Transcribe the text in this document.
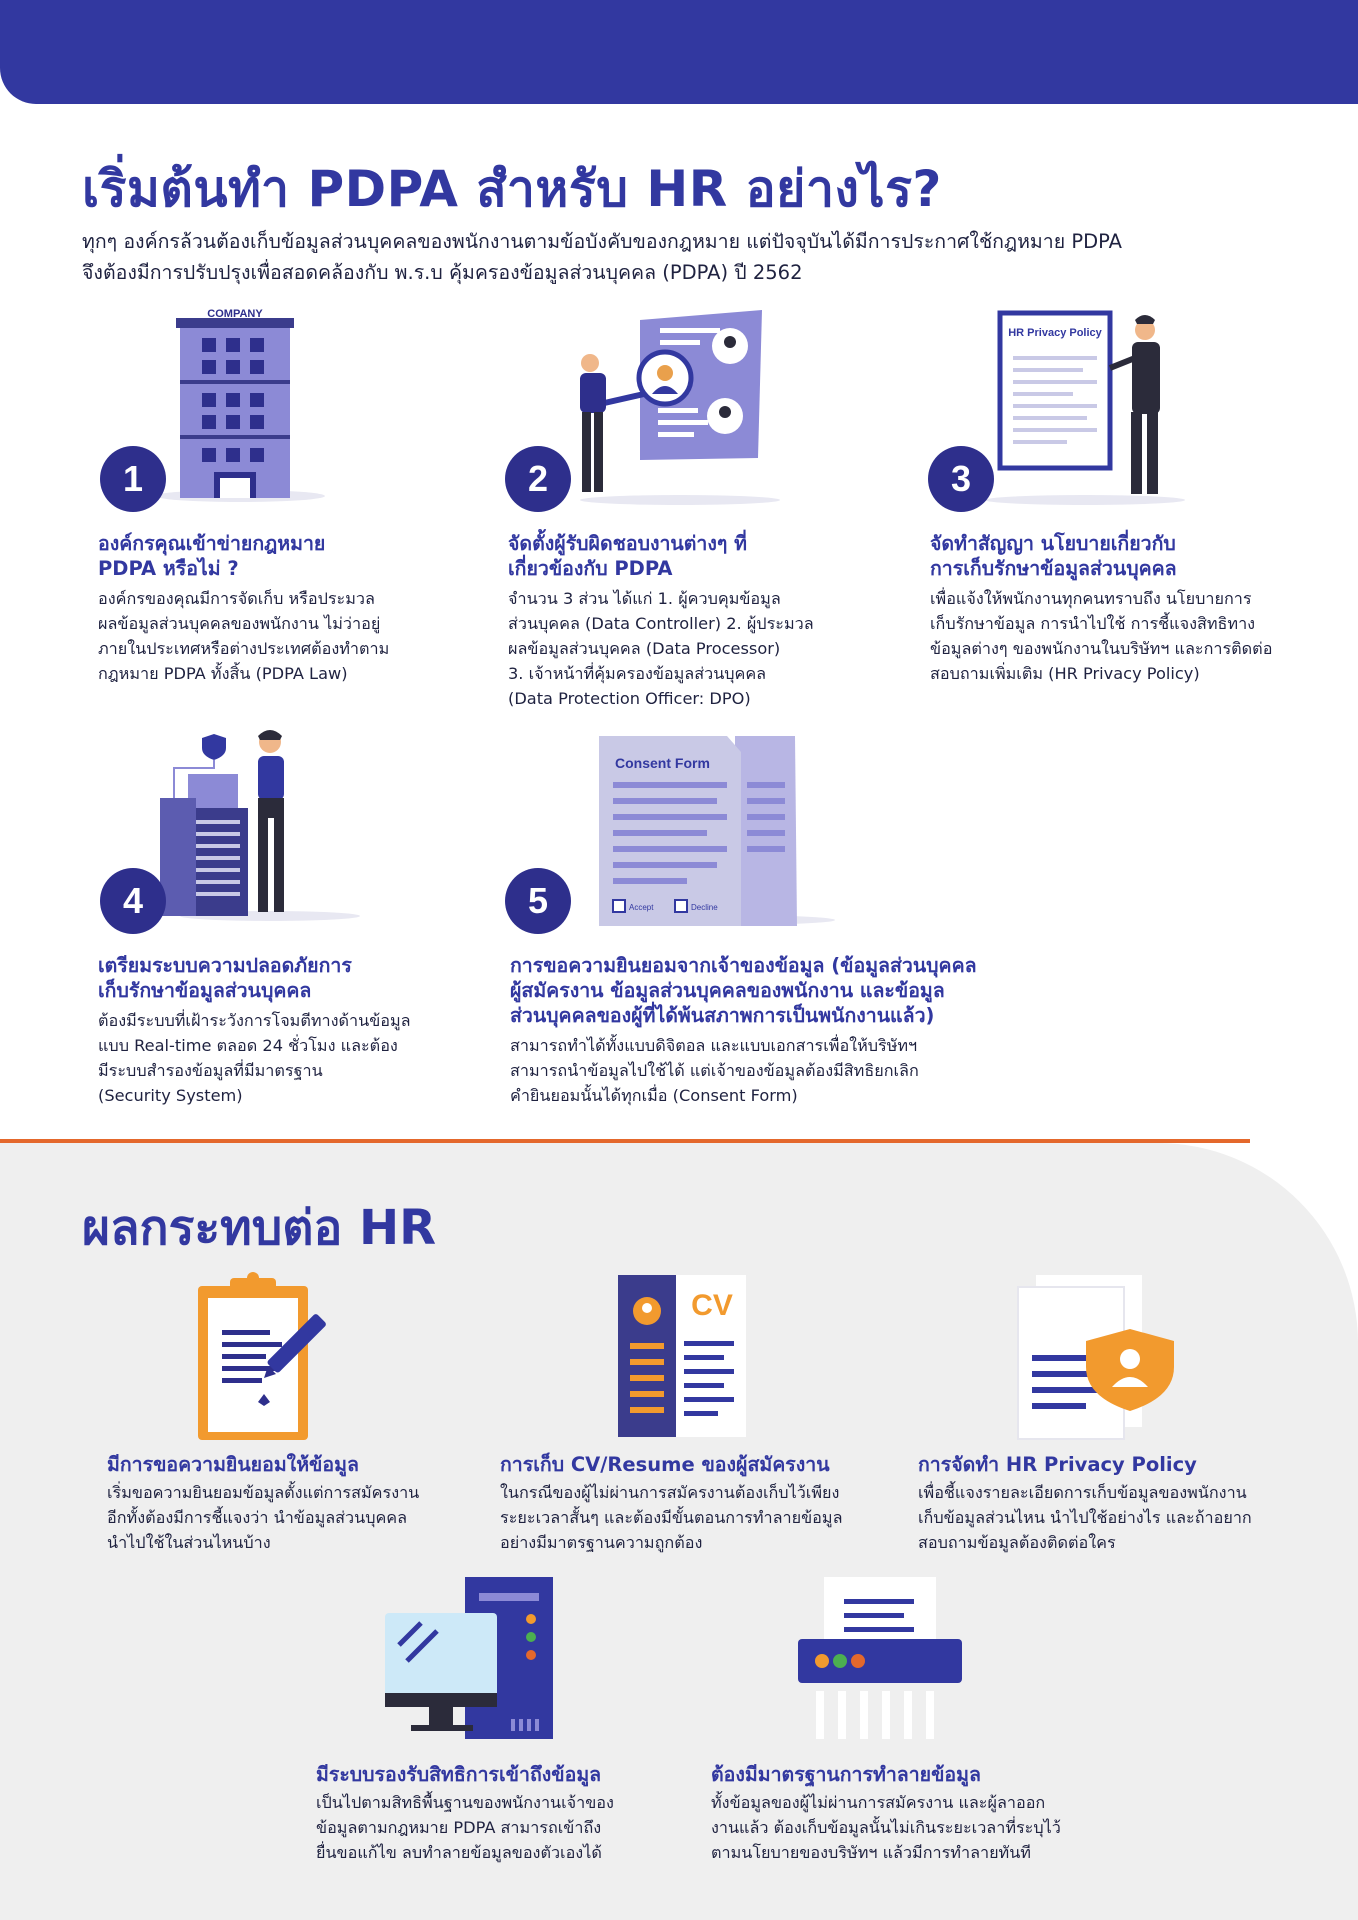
เริ่มต้นทำ PDPA สำหรับ HR อย่างไร?
ทุกๆ องค์กรล้วนต้องเก็บข้อมูลส่วนบุคคลของพนักงานตามข้อบังคับของกฎหมาย แต่ปัจจุบันได้มีการประกาศใช้กฎหมาย PDPA
จึงต้องมีการปรับปรุงเพื่อสอดคล้องกับ พ.ร.บ คุ้มครองข้อมูลส่วนบุคคล (PDPA) ปี 2562
COMPANY
1
องค์กรคุณเข้าข่ายกฎหมาย
PDPA หรือไม่ ?
องค์กรของคุณมีการจัดเก็บ หรือประมวล
ผลข้อมูลส่วนบุคคลของพนักงาน ไม่ว่าอยู่
ภายในประเทศหรือต่างประเทศต้องทำตาม
กฎหมาย PDPA ทั้งสิ้น (PDPA Law)
2
จัดตั้งผู้รับผิดชอบงานต่างๆ ที่
เกี่ยวข้องกับ PDPA
จำนวน 3 ส่วน ได้แก่ 1. ผู้ควบคุมข้อมูล
ส่วนบุคคล (Data Controller) 2. ผู้ประมวล
ผลข้อมูลส่วนบุคคล (Data Processor)
3. เจ้าหน้าที่คุ้มครองข้อมูลส่วนบุคคล
(Data Protection Officer: DPO)
HR Privacy Policy
3
จัดทำสัญญา นโยบายเกี่ยวกับ
การเก็บรักษาข้อมูลส่วนบุคคล
เพื่อแจ้งให้พนักงานทุกคนทราบถึง นโยบายการ
เก็บรักษาข้อมูล การนำไปใช้ การชี้แจงสิทธิทาง
ข้อมูลต่างๆ ของพนักงานในบริษัทฯ และการติดต่อ
สอบถามเพิ่มเติม (HR Privacy Policy)
4
เตรียมระบบความปลอดภัยการ
เก็บรักษาข้อมูลส่วนบุคคล
ต้องมีระบบที่เฝ้าระวังการโจมตีทางด้านข้อมูล
แบบ Real-time ตลอด 24 ชั่วโมง และต้อง
มีระบบสำรองข้อมูลที่มีมาตรฐาน
(Security System)
Consent Form
Accept	Decline
5
การขอความยินยอมจากเจ้าของข้อมูล (ข้อมูลส่วนบุคคล
ผู้สมัครงาน ข้อมูลส่วนบุคคลของพนักงาน และข้อมูล
ส่วนบุคคลของผู้ที่ได้พ้นสภาพการเป็นพนักงานแล้ว)
สามารถทำได้ทั้งแบบดิจิตอล และแบบเอกสารเพื่อให้บริษัทฯ
สามารถนำข้อมูลไปใช้ได้ แต่เจ้าของข้อมูลต้องมีสิทธิยกเลิก
คำยินยอมนั้นได้ทุกเมื่อ (Consent Form)
ผลกระทบต่อ HR
มีการขอความยินยอมให้ข้อมูล
เริ่มขอความยินยอมข้อมูลตั้งแต่การสมัครงาน
อีกทั้งต้องมีการชี้แจงว่า นำข้อมูลส่วนบุคคล
นำไปใช้ในส่วนไหนบ้าง
CV
การเก็บ CV/Resume ของผู้สมัครงาน
ในกรณีของผู้ไม่ผ่านการสมัครงานต้องเก็บไว้เพียง
ระยะเวลาสั้นๆ และต้องมีขั้นตอนการทำลายข้อมูล
อย่างมีมาตรฐานความถูกต้อง
การจัดทำ HR Privacy Policy
เพื่อชี้แจงรายละเอียดการเก็บข้อมูลของพนักงาน
เก็บข้อมูลส่วนไหน นำไปใช้อย่างไร และถ้าอยาก
สอบถามข้อมูลต้องติดต่อใคร
มีระบบรองรับสิทธิการเข้าถึงข้อมูล
เป็นไปตามสิทธิพื้นฐานของพนักงานเจ้าของ
ข้อมูลตามกฎหมาย PDPA สามารถเข้าถึง
ยื่นขอแก้ไข ลบทำลายข้อมูลของตัวเองได้
ต้องมีมาตรฐานการทำลายข้อมูล
ทั้งข้อมูลของผู้ไม่ผ่านการสมัครงาน และผู้ลาออก
งานแล้ว ต้องเก็บข้อมูลนั้นไม่เกินระยะเวลาที่ระบุไว้
ตามนโยบายของบริษัทฯ แล้วมีการทำลายทันที
